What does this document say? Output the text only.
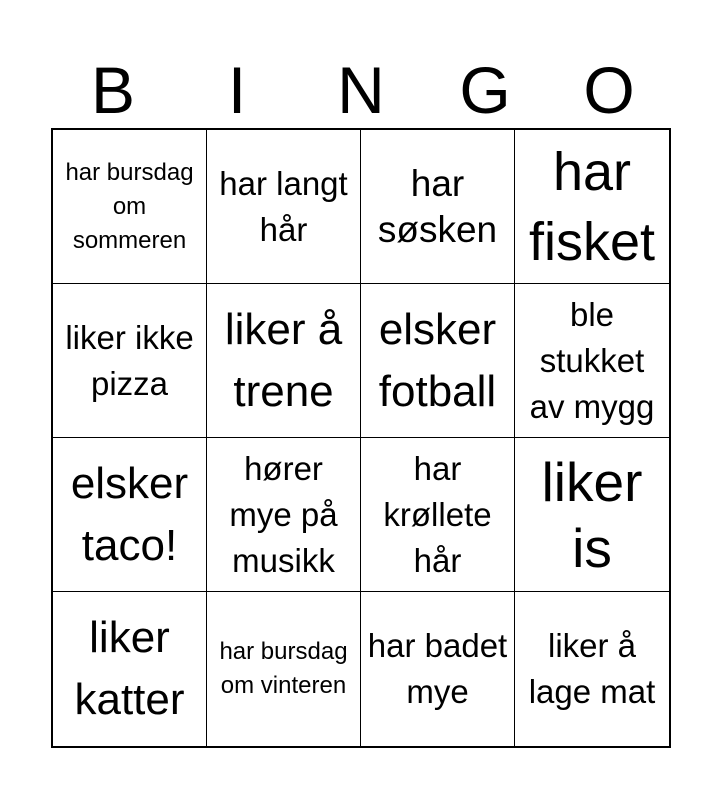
B	I	N	G	O
har bursdag om sommeren
har langt hår
har søsken
har fisket
liker ikke pizza
liker å trene
elsker fotball
ble stukket av mygg
elsker taco!
hører mye på musikk
har krøllete hår
liker is
liker katter
har bursdag om vinteren
har badet mye
liker å lage mat
